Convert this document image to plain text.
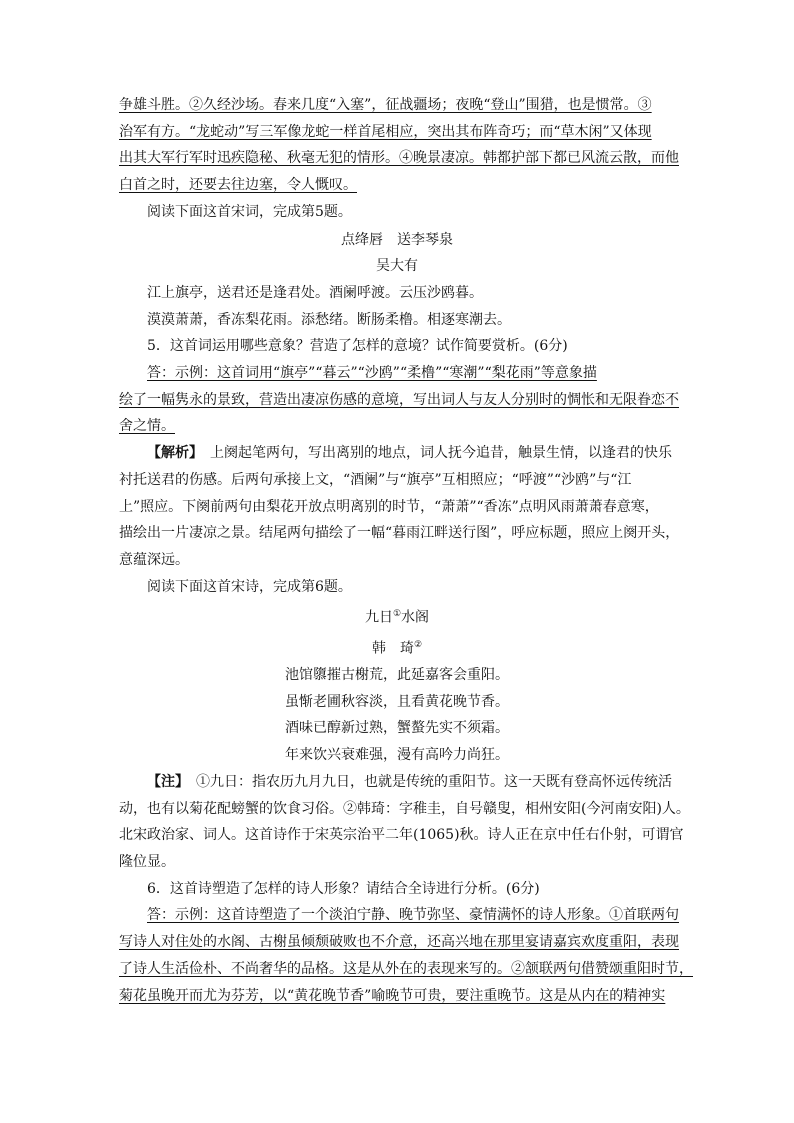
争雄斗胜。②久经沙场。春来几度“入塞”，征战疆场；夜晚“登山”围猎，也是惯常。③

治军有方。“龙蛇动”写三军像龙蛇一样首尾相应，突出其布阵奇巧；而“草木闲”又体现

出其大军行军时迅疾隐秘、秋毫无犯的情形。④晚景凄凉。韩都护部下都已风流云散，而他

白首之时，还要去往边塞，令人慨叹。

阅读下面这首宋词，完成第5题。

点绛唇　送李琴泉

吴大有

江上旗亭，送君还是逢君处。酒阑呼渡。云压沙鸥暮。

漠漠萧萧，香冻梨花雨。添愁绪。断肠柔橹。相逐寒潮去。

5．这首词运用哪些意象？营造了怎样的意境？试作简要赏析。(6分)

答：示例：这首词用“旗亭”“暮云”“沙鸥”“柔橹”“寒潮”“梨花雨”等意象描

绘了一幅隽永的景致，营造出凄凉伤感的意境，写出词人与友人分别时的惆怅和无限眷恋不

舍之情。

【解析】　上阕起笔两句，写出离别的地点，词人抚今追昔，触景生情，以逢君的快乐

衬托送君的伤感。后两句承接上文，“酒阑”与“旗亭”互相照应；“呼渡”“沙鸥”与“江

上”照应。下阕前两句由梨花开放点明离别的时节，“萧萧”“香冻”点明风雨萧萧春意寒，

描绘出一片凄凉之景。结尾两句描绘了一幅“暮雨江畔送行图”，呼应标题，照应上阕开头，

意蕴深远。

阅读下面这首宋诗，完成第6题。

九日①水阁

韩　琦②

池馆隳摧古榭荒，此延嘉客会重阳。

虽惭老圃秋容淡，且看黄花晚节香。

酒味已醇新过熟，蟹螯先实不须霜。

年来饮兴衰难强，漫有高吟力尚狂。

【注】　①九日：指农历九月九日，也就是传统的重阳节。这一天既有登高怀远传统活

动，也有以菊花配螃蟹的饮食习俗。②韩琦：字稚圭，自号赣叟，相州安阳(今河南安阳)人。

北宋政治家、词人。这首诗作于宋英宗治平二年(1065)秋。诗人正在京中任右仆射，可谓官

隆位显。

6．这首诗塑造了怎样的诗人形象？请结合全诗进行分析。(6分)

答：示例：这首诗塑造了一个淡泊宁静、晚节弥坚、豪情满怀的诗人形象。①首联两句

写诗人对住处的水阁、古榭虽倾颓破败也不介意，还高兴地在那里宴请嘉宾欢度重阳，表现

了诗人生活俭朴、不尚奢华的品格。这是从外在的表现来写的。②颔联两句借赞颂重阳时节，

菊花虽晚开而尤为芬芳，以“黄花晚节香”喻晚节可贵，要注重晚节。这是从内在的精神实
